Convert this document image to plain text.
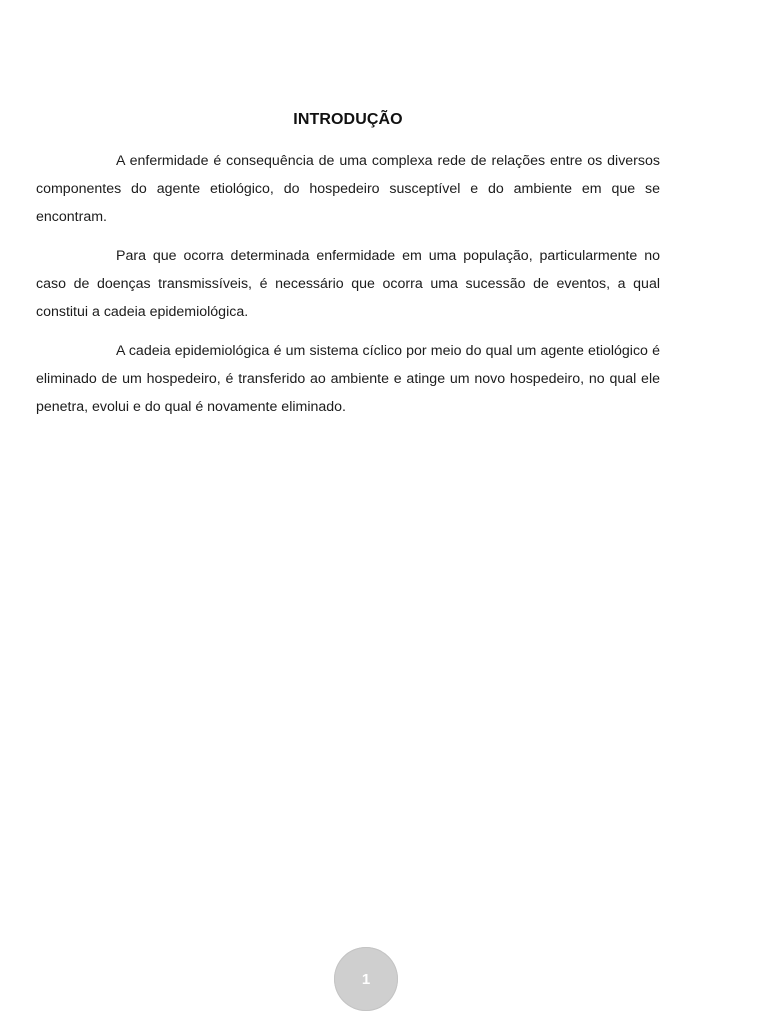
INTRODUÇÃO

A enfermidade é consequência de uma complexa rede de relações entre os diversos componentes do agente etiológico, do hospedeiro susceptível e do ambiente em que se encontram.

Para que ocorra determinada enfermidade em uma população, particularmente no caso de doenças transmissíveis, é necessário que ocorra uma sucessão de eventos, a qual constitui a cadeia epidemiológica.

A cadeia epidemiológica é um sistema cíclico por meio do qual um agente etiológico é eliminado de um hospedeiro, é transferido ao ambiente e atinge um novo hospedeiro, no qual ele penetra, evolui e do qual é novamente eliminado.

1
